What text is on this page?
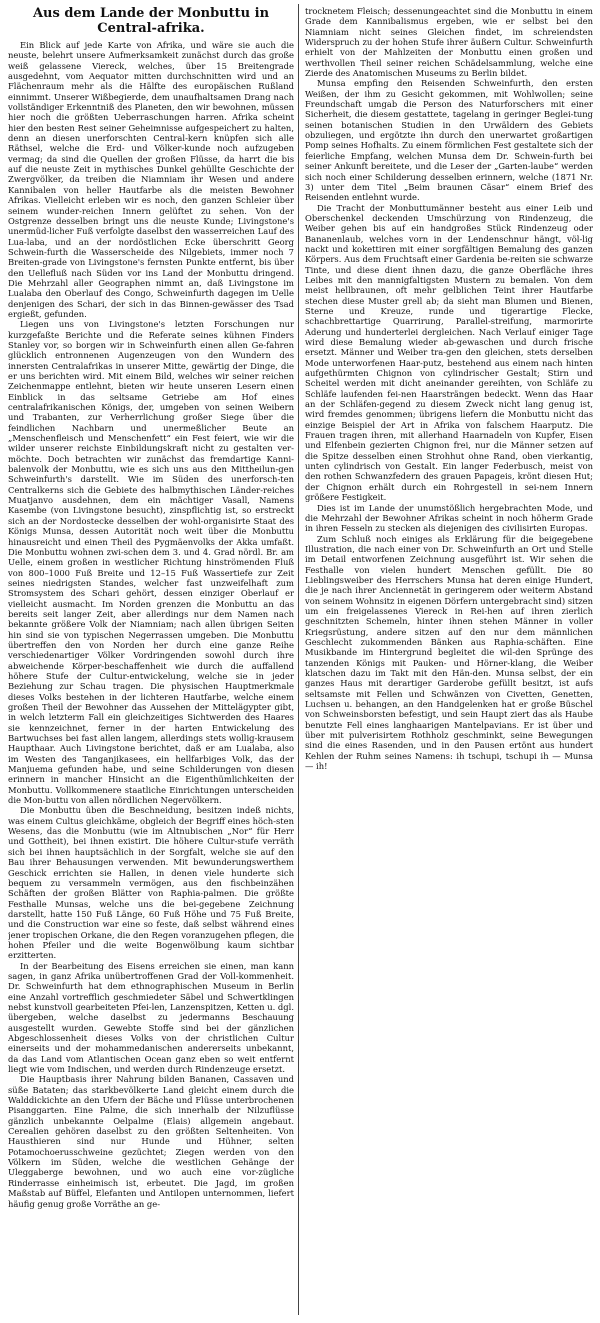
Aus dem Lande der Monbuttu in Central-afrika.

Ein Blick auf jede Karte von Afrika, und wäre sie auch die neuste, belehrt unsere Aufmerksamkeit zunächst durch das große weiß gelassene Viereck, welches, über 15 Breitengrade ausgedehnt, vom Aequator mitten durchschnitten wird und an Flächenraum mehr als die Hälfte des europäischen Rußland einnimmt. Unserer Wißbegierde, dem unaufhaltsamen Drang nach vollständiger Erkenntniß des Planeten, den wir bewohnen, müssen hier noch die größten Ueberraschungen harren. Afrika scheint hier den besten Rest seiner Geheimnisse aufgespeichert zu halten, denn an diesen unerforschten Central-kern knüpfen sich alle Räthsel, welche die Erd- und Völker-kunde noch aufzugeben vermag; da sind die Quellen der großen Flüsse, da harrt die bis auf die neuste Zeit in mythisches Dunkel gehüllte Geschichte der Zwergvölker, da treiben die Niamniam ihr Wesen und andere Kannibalen von heller Hautfarbe als die meisten Bewohner Afrikas. Vielleicht erleben wir es noch, den ganzen Schleier über seinem wunder-reichen Innern gelüftet zu sehen. Von der Ostgrenze desselben bringt uns die neuste Kunde; Livingstone's unermüd-licher Fuß verfolgte daselbst den wasserreichen Lauf des Lua-laba, und an der nordöstlichen Ecke überschritt Georg Schwein-furth die Wasserscheide des Nilgebiets, immer noch 7 Breiten-grade von Livingstone's fernsten Punkte entfernt, bis über den Uellefluß nach Süden vor ins Land der Monbuttu dringend. Die Mehrzahl aller Geographen nimmt an, daß Livingstone im Lualaba den Oberlauf des Congo, Schweinfurth dagegen im Uelle denjenigen des Schari, der sich in das Binnen-gewässer des Tsad ergießt, gefunden.

Liegen uns von Livingstone's letzten Forschungen nur kurzgefaßte Berichte und die Referate seines kühnen Finders Stanley vor, so borgen wir in Schweinfurth einen allen Ge-fahren glücklich entronnenen Augenzeugen von den Wundern des innersten Centralafrikas in unserer Mitte, gewärtig der Dinge, die er uns berichten wird. Mit einem Bild, welches wir seiner reichen Zeichenmappe entlehnt, bieten wir heute unseren Lesern einen Einblick in das seltsame Getriebe am Hof eines centralafrikanischen Königs, der, umgeben von seinen Weibern und Trabanten, zur Verherrlichung großer Siege über die feindlichen Nachbarn und unermeßlicher Beute an „Menschenfleisch und Menschenfett“ ein Fest feiert, wie wir die wilder unserer reichste Einbildungskraft nicht zu gestalten ver-möchte. Doch betrachten wir zunächst das fremdartige Kanni-balenvolk der Monbuttu, wie es sich uns aus den Mittheilun-gen Schweinfurth's darstellt. Wie im Süden des unerforsch-ten Centralkerns sich die Gebiete des halbmythischen Länder-reiches Muatjanvo ausdehnen, dem ein mächtiger Vasall, Namens Kasembe (von Livingstone besucht), zinspflichtig ist, so erstreckt sich an der Nordostecke desselben der wohl-organisirte Staat des Königs Munsa, dessen Autorität noch weit über die Monbuttu hinausreicht und einen Theil des Pygmäenvolks der Akka umfaßt. Die Monbuttu wohnen zwi-schen dem 3. und 4. Grad nördl. Br. am Uelle, einem großen in westlicher Richtung hinströmenden Fluß von 800–1000 Fuß Breite und 12–15 Fuß Wassertiefe zur Zeit seines niedrigsten Standes, welcher fast unzweifelhaft zum Stromsystem des Schari gehört, dessen einziger Oberlauf er vielleicht ausmacht. Im Norden grenzen die Monbuttu an das bereits seit langer Zeit, aber allerdings nur dem Namen nach bekannte größere Volk der Niamniam; nach allen übrigen Seiten hin sind sie von typischen Negerrassen umgeben. Die Monbuttu übertreffen den von Norden her durch eine ganze Reihe verschiedenartiger Völker Vordringenden sowohl durch ihre abweichende Körper-beschaffenheit wie durch die auffallend höhere Stufe der Cultur-entwickelung, welche sie in jeder Beziehung zur Schau tragen. Die physischen Hauptmerkmale dieses Volks bestehen in der lichteren Hautfarbe, welche einem großen Theil der Bewohner das Aussehen der Mittelägypter gibt, in welch letzterm Fall ein gleichzeitiges Sichtwerden des Haares sie kennzeichnet, ferner in der harten Entwickelung des Bartwuchses bei fast allen langem, allerdings stets wollig-krausem Haupthaar. Auch Livingstone berichtet, daß er am Lualaba, also im Westen des Tanganjikasees, ein hellfarbiges Volk, das der Manjuema gefunden habe, und seine Schilderungen von diesen erinnern in mancher Hinsicht an die Eigenthümlichkeiten der Monbuttu. Vollkommenere staatliche Einrichtungen unterscheiden die Mon-buttu von allen nördlichen Negervölkern.

Die Monbuttu üben die Beschneidung, besitzen indeß nichts, was einem Cultus gleichkäme, obgleich der Begriff eines höch-sten Wesens, das die Monbuttu (wie im Altnubischen „Nor“ für Herr und Gottheit), bei ihnen existirt. Die höhere Cultur-stufe verräth sich bei ihnen hauptsächlich in der Sorgfalt, welche sie auf den Bau ihrer Behausungen verwenden. Mit bewunderungswerthem Geschick errichten sie Hallen, in denen viele hunderte sich bequem zu versammeln vermögen, aus den fischbeinzähen Schäften der großen Blätter von Raphia-palmen. Die größte Festhalle Munsas, welche uns die bei-gegebene Zeichnung darstellt, hatte 150 Fuß Länge, 60 Fuß Höhe und 75 Fuß Breite, und die Construction war eine so feste, daß selbst während eines jener tropischen Orkane, die den Regen voranzugehen pflegen, die hohen Pfeiler und die weite Bogenwölbung kaum sichtbar erzitterten.

In der Bearbeitung des Eisens erreichen sie einen, man kann sagen, in ganz Afrika unübertroffenen Grad der Voll-kommenheit. Dr. Schweinfurth hat dem ethnographischen Museum in Berlin eine Anzahl vortrefflich geschmiedeter Säbel und Schwertklingen nebst kunstvoll gearbeiteten Pfei-len, Lanzenspitzen, Ketten u. dgl. übergeben, welche daselbst zu jedermanns Beschauung ausgestellt wurden. Gewebte Stoffe sind bei der gänzlichen Abgeschlossenheit dieses Volks von der christlichen Cultur einerseits und der mohammedanischen andererseits unbekannt, da das Land vom Atlantischen Ocean ganz eben so weit entfernt liegt wie vom Indischen, und werden durch Rindenzeuge ersetzt.

Die Hauptbasis ihrer Nahrung bilden Bananen, Cassaven und süße Bataten; das starkbevölkerte Land gleicht einem durch die Walddickichte an den Ufern der Bäche und Flüsse unterbrochenen Pisanggarten. Eine Palme, die sich innerhalb der Nilzuflüsse gänzlich unbekannte Oelpalme (Elais) allgemein angebaut. Cerealien gehören daselbst zu den größten Seltenheiten. Von Hausthieren sind nur Hunde und Hühner, selten Potamochoerusschweine gezüchtet; Ziegen werden von den Völkern im Süden, welche die westlichen Gehänge der Uleggaberge bewohnen, und wo auch eine vor-zügliche Rinderrasse einheimisch ist, erbeutet. Die Jagd, im großen Maßstab auf Büffel, Elefanten und Antilopen unternommen, liefert häufig genug große Vorräthe an ge-

trocknetem Fleisch; dessenungeachtet sind die Monbuttu in einem Grade dem Kannibalismus ergeben, wie er selbst bei den Niamniam nicht seines Gleichen findet, im schreiendsten Widerspruch zu der hohen Stufe ihrer äußern Cultur. Schweinfurth erhielt von der Mahlzeiten der Monbuttu einen großen und werthvollen Theil seiner reichen Schädelsammlung, welche eine Zierde des Anatomischen Museums zu Berlin bildet.

Munsa empfing den Reisenden Schweinfurth, den ersten Weißen, der ihm zu Gesicht gekommen, mit Wohlwollen; seine Freundschaft umgab die Person des Naturforschers mit einer Sicherheit, die diesem gestattete, tagelang in geringer Beglei-tung seinen botanischen Studien in den Urwäldern des Gebiets obzuliegen, und ergötzte ihn durch den unerwartet großartigen Pomp seines Hofhalts. Zu einem förmlichen Fest gestaltete sich der feierliche Empfang, welchen Munsa dem Dr. Schwein-furth bei seiner Ankunft bereitete, und die Leser der „Garten-laube“ werden sich noch einer Schilderung desselben erinnern, welche (1871 Nr. 3) unter dem Titel „Beim braunen Cäsar“ einem Brief des Reisenden entlehnt wurde.

Die Tracht der Monbuttumänner besteht aus einer Leib und Oberschenkel deckenden Umschürzung von Rindenzeug, die Weiber gehen bis auf ein handgroßes Stück Rindenzeug oder Bananenlaub, welches vorn in der Lendenschnur hängt, völ-lig nackt und kokettiren mit einer sorgfältigen Bemalung des ganzen Körpers. Aus dem Fruchtsaft einer Gardenia be-reiten sie schwarze Tinte, und diese dient ihnen dazu, die ganze Oberfläche ihres Leibes mit den mannigfaltigsten Mustern zu bemalen. Von dem meist hellbraunen, oft mehr gelblichen Teint ihrer Hautfarbe stechen diese Muster grell ab; da sieht man Blumen und Bienen, Sterne und Kreuze, runde und tigerartige Flecke, schachbrettartige Quarrirung, Parallel-streifung, marmorirte Aderung und hunderterlei dergleichen. Nach Verlauf einiger Tage wird diese Bemalung wieder ab-gewaschen und durch frische ersetzt. Männer und Weiber tra-gen den gleichen, stets derselben Mode unterworfenen Haar-putz, bestehend aus einem nach hinten aufgethürmten Chignon von cylindrischer Gestalt; Stirn und Scheitel werden mit dicht aneinander gereihten, von Schläfe zu Schläfe laufenden fei-nen Haarsträngen bedeckt. Wenn das Haar an der Schläfen-gegend zu diesem Zweck nicht lang genug ist, wird fremdes genommen; übrigens liefern die Monbuttu nicht das einzige Beispiel der Art in Afrika von falschem Haarputz. Die Frauen tragen ihren, mit allerhand Haarnadeln von Kupfer, Eisen und Elfenbein gezierten Chignon frei, nur die Männer setzen auf die Spitze desselben einen Strohhut ohne Rand, oben vierkantig, unten cylindrisch von Gestalt. Ein langer Federbusch, meist von den rothen Schwanzfedern des grauen Papageis, krönt diesen Hut; der Chignon erhält durch ein Rohrgestell in sei-nem Innern größere Festigkeit.

Dies ist im Lande der unumstößlich hergebrachten Mode, und die Mehrzahl der Bewohner Afrikas scheint in noch höherm Grade in ihren Fesseln zu stecken als diejenigen des civilisirten Europas.

Zum Schluß noch einiges als Erklärung für die beigegebene Illustration, die nach einer von Dr. Schweinfurth an Ort und Stelle im Detail entworfenen Zeichnung ausgeführt ist. Wir sehen die Festhalle von vielen hundert Menschen gefüllt. Die 80 Lieblingsweiber des Herrschers Munsa hat deren einige Hundert, die je nach ihrer Anciennetät in geringerem oder weiterm Abstand von seinem Wohnsitz in eigenen Dörfern untergebracht sind) sitzen um ein freigelassenes Viereck in Rei-hen auf ihren zierlich geschnitzten Schemeln, hinter ihnen stehen Männer in voller Kriegsrüstung, andere sitzen auf den nur dem männlichen Geschlecht zukommenden Bänken aus Raphia-schäften. Eine Musikbande im Hintergrund begleitet die wil-den Sprünge des tanzenden Königs mit Pauken- und Hörner-klang, die Weiber klatschen dazu im Takt mit den Hän-den. Munsa selbst, der ein ganzes Haus mit derartiger Garderobe gefüllt besitzt, ist aufs seltsamste mit Fellen und Schwänzen von Civetten, Genetten, Luchsen u. behangen, an den Handgelenken hat er große Büschel von Schweinsborsten befestigt, und sein Haupt ziert das als Haube benutzte Fell eines langhaarigen Mantelpavians. Er ist über und über mit pulverisirtem Rothholz geschminkt, seine Bewegungen sind die eines Rasenden, und in den Pausen ertönt aus hundert Kehlen der Ruhm seines Namens: ih tschupi, tschupi ih — Munsa — ih!
